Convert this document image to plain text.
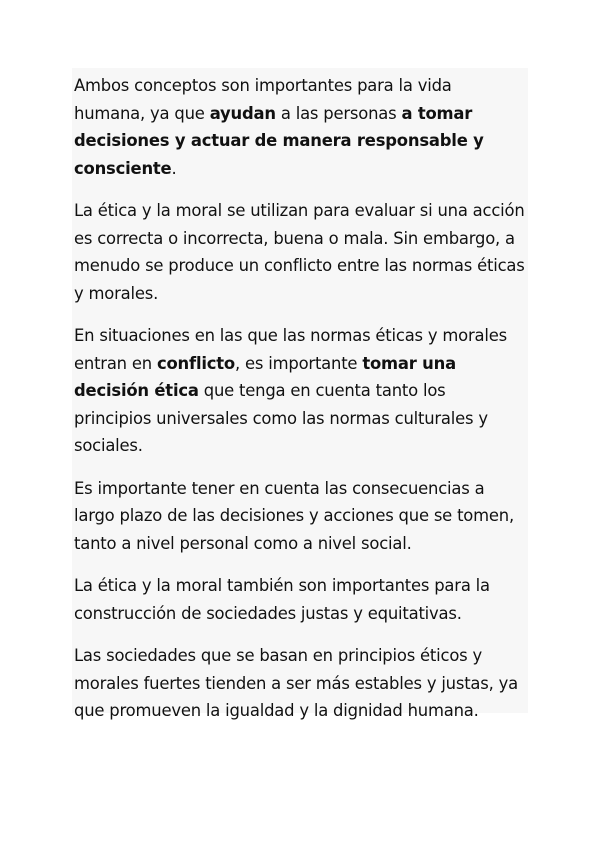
Ambos conceptos son importantes para la vida humana, ya que ayudan a las personas a tomar decisiones y actuar de manera responsable y consciente.

La ética y la moral se utilizan para evaluar si una acción es correcta o incorrecta, buena o mala. Sin embargo, a menudo se produce un conflicto entre las normas éticas y morales.

En situaciones en las que las normas éticas y morales entran en conflicto, es importante tomar una decisión ética que tenga en cuenta tanto los principios universales como las normas culturales y sociales.

Es importante tener en cuenta las consecuencias a largo plazo de las decisiones y acciones que se tomen, tanto a nivel personal como a nivel social.

La ética y la moral también son importantes para la construcción de sociedades justas y equitativas.

Las sociedades que se basan en principios éticos y morales fuertes tienden a ser más estables y justas, ya que promueven la igualdad y la dignidad humana.
